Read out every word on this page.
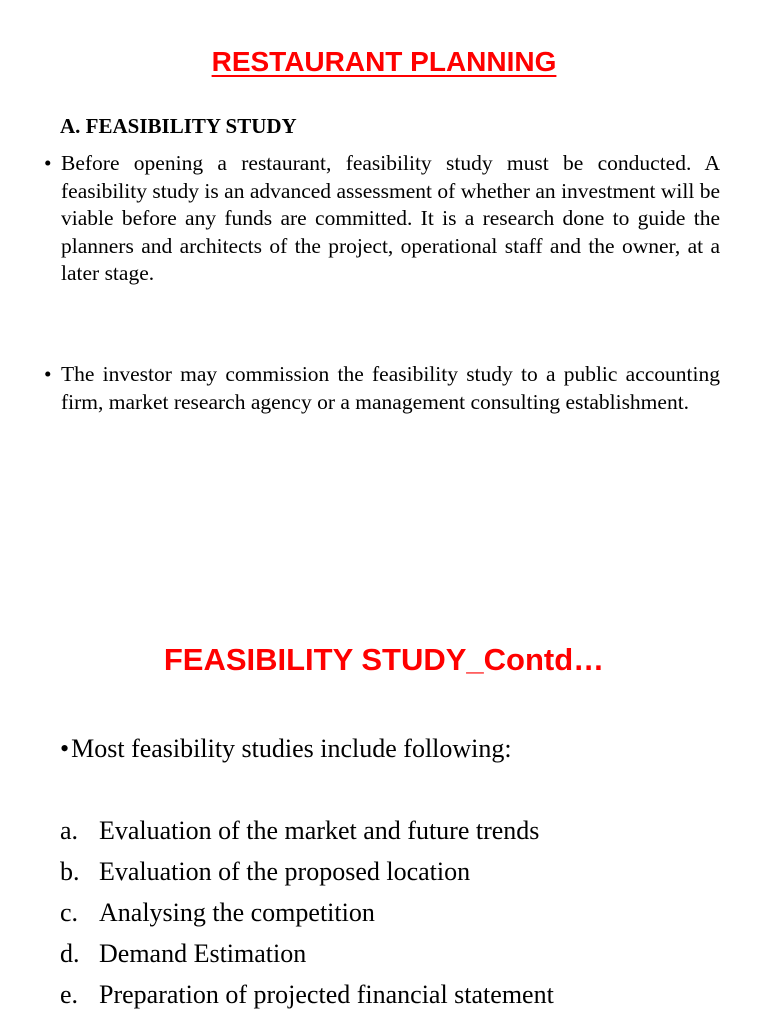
RESTAURANT PLANNING
A. FEASIBILITY STUDY

• Before opening a restaurant, feasibility study must be conducted. A feasibility study is an advanced assessment of whether an investment will be viable before any funds are committed. It is a research done to guide the planners and architects of the project, operational staff and the owner, at a later stage.

• The investor may commission the feasibility study to a public accounting firm, market research agency or a management consulting establishment.

FEASIBILITY STUDY_Contd…

•Most feasibility studies include following:

a. Evaluation of the market and future trends
b. Evaluation of the proposed location
c. Analysing the competition
d. Demand Estimation
e. Preparation of projected financial statement
